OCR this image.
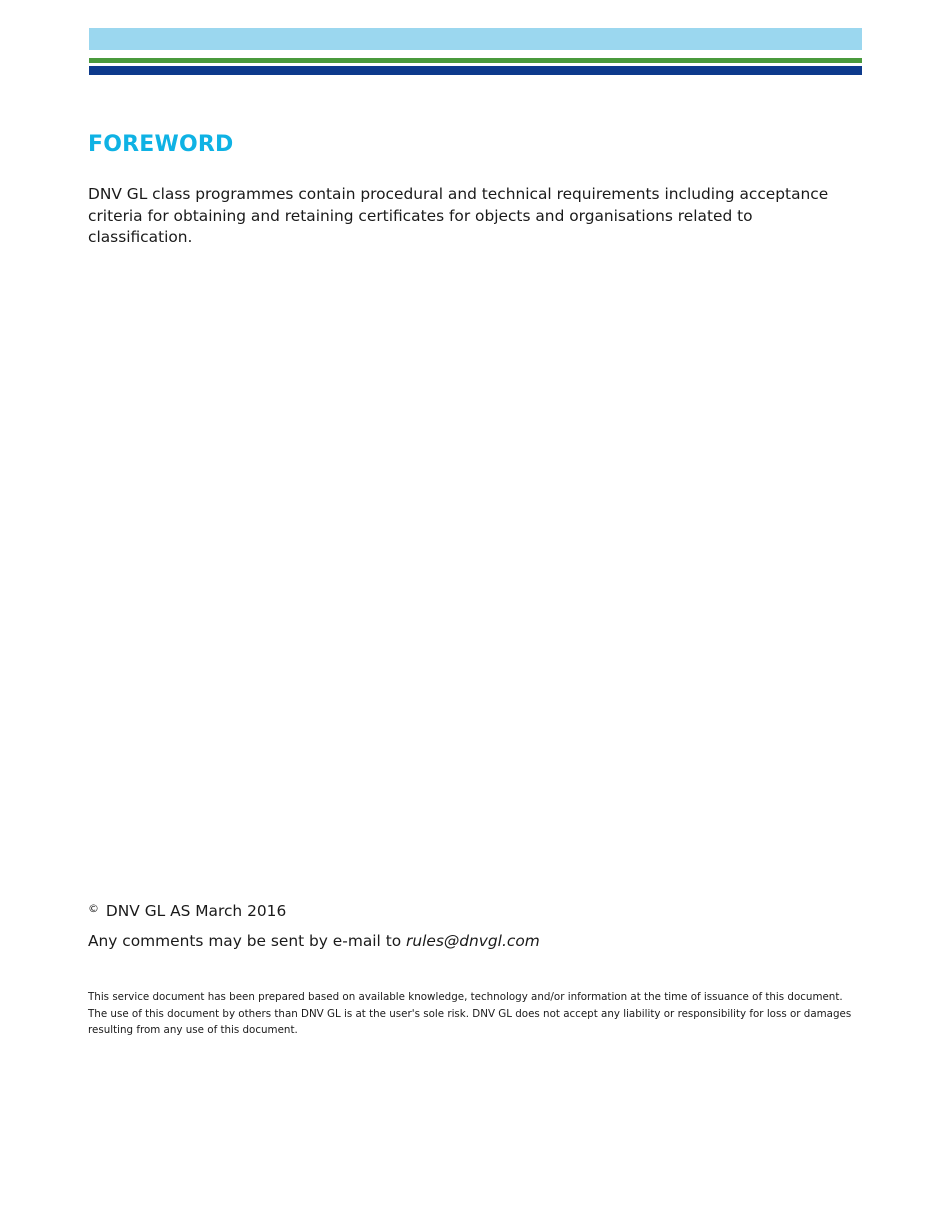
FOREWORD

DNV GL class programmes contain procedural and technical requirements including acceptance criteria for obtaining and retaining certificates for objects and organisations related to classification.

© DNV GL AS March 2016

Any comments may be sent by e-mail to rules@dnvgl.com

This service document has been prepared based on available knowledge, technology and/or information at the time of issuance of this document. The use of this document by others than DNV GL is at the user's sole risk. DNV GL does not accept any liability or responsibility for loss or damages resulting from any use of this document.
